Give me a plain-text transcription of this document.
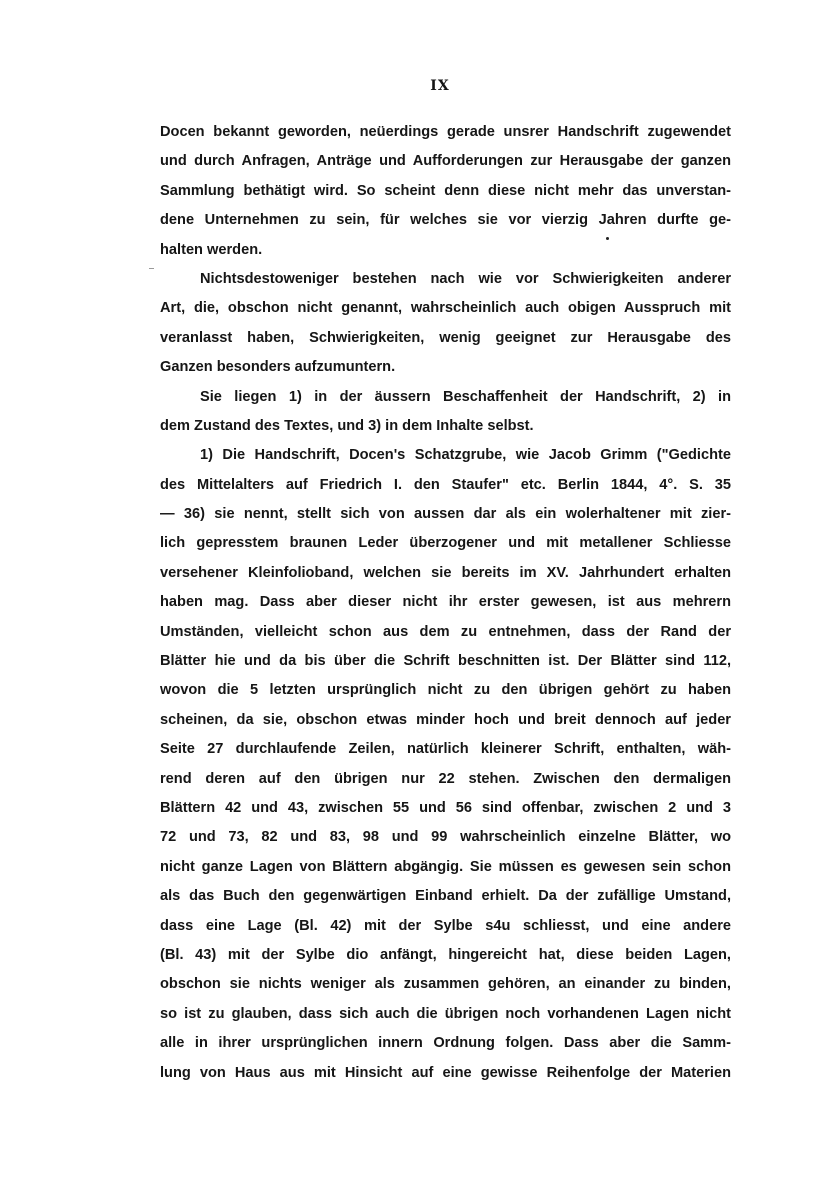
IX
Docen bekannt geworden, neüerdings gerade unsrer Handschrift zugewendet
und durch Anfragen, Anträge und Aufforderungen zur Herausgabe der ganzen
Sammlung bethätigt wird. So scheint denn diese nicht mehr das unverstan-
dene Unternehmen zu sein, für welches sie vor vierzig Jahren durfte ge-
halten werden.
Nichtsdestoweniger bestehen nach wie vor Schwierigkeiten anderer
Art, die, obschon nicht genannt, wahrscheinlich auch obigen Ausspruch mit
veranlasst haben, Schwierigkeiten, wenig geeignet zur Herausgabe des
Ganzen besonders aufzumuntern.
Sie liegen 1) in der äussern Beschaffenheit der Handschrift, 2) in
dem Zustand des Textes, und 3) in dem Inhalte selbst.
1) Die Handschrift, Docen's Schatzgrube, wie Jacob Grimm ("Gedichte
des Mittelalters auf Friedrich I. den Staufer" etc. Berlin 1844, 4°. S. 35
— 36) sie nennt, stellt sich von aussen dar als ein wolerhaltener mit zier-
lich gepresstem braunen Leder überzogener und mit metallener Schliesse
versehener Kleinfolioband, welchen sie bereits im XV. Jahrhundert erhalten
haben mag. Dass aber dieser nicht ihr erster gewesen, ist aus mehrern
Umständen, vielleicht schon aus dem zu entnehmen, dass der Rand der
Blätter hie und da bis über die Schrift beschnitten ist. Der Blätter sind 112,
wovon die 5 letzten ursprünglich nicht zu den übrigen gehört zu haben
scheinen, da sie, obschon etwas minder hoch und breit dennoch auf jeder
Seite 27 durchlaufende Zeilen, natürlich kleinerer Schrift, enthalten, wäh-
rend deren auf den übrigen nur 22 stehen. Zwischen den dermaligen
Blättern 42 und 43, zwischen 55 und 56 sind offenbar, zwischen 2 und 3
72 und 73, 82 und 83, 98 und 99 wahrscheinlich einzelne Blätter, wo
nicht ganze Lagen von Blättern abgängig. Sie müssen es gewesen sein schon
als das Buch den gegenwärtigen Einband erhielt. Da der zufällige Umstand,
dass eine Lage (Bl. 42) mit der Sylbe s4u schliesst, und eine andere
(Bl. 43) mit der Sylbe dio anfängt, hingereicht hat, diese beiden Lagen,
obschon sie nichts weniger als zusammen gehören, an einander zu binden,
so ist zu glauben, dass sich auch die übrigen noch vorhandenen Lagen nicht
alle in ihrer ursprünglichen innern Ordnung folgen. Dass aber die Samm-
lung von Haus aus mit Hinsicht auf eine gewisse Reihenfolge der Materien
